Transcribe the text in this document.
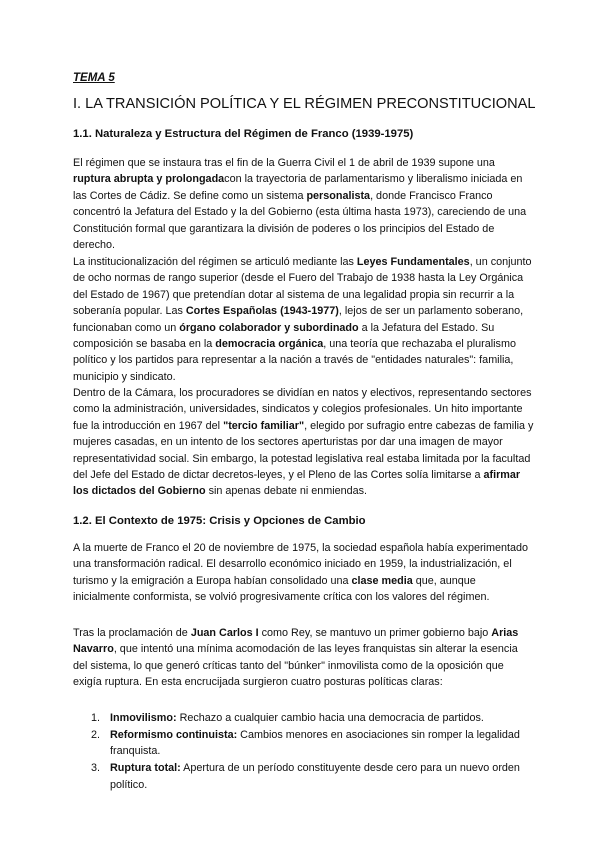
TEMA 5

I. LA TRANSICIÓN POLÍTICA Y EL RÉGIMEN PRECONSTITUCIONAL
1.1. Naturaleza y Estructura del Régimen de Franco (1939-1975)

El régimen que se instaura tras el fin de la Guerra Civil el 1 de abril de 1939 supone una ruptura abrupta y prolongadacon la trayectoria de parlamentarismo y liberalismo iniciada en las Cortes de Cádiz. Se define como un sistema personalista, donde Francisco Franco concentró la Jefatura del Estado y la del Gobierno (esta última hasta 1973), careciendo de una Constitución formal que garantizara la división de poderes o los principios del Estado de derecho.

La institucionalización del régimen se articuló mediante las Leyes Fundamentales, un conjunto de ocho normas de rango superior (desde el Fuero del Trabajo de 1938 hasta la Ley Orgánica del Estado de 1967) que pretendían dotar al sistema de una legalidad propia sin recurrir a la soberanía popular. Las Cortes Españolas (1943-1977), lejos de ser un parlamento soberano, funcionaban como un órgano colaborador y subordinado a la Jefatura del Estado. Su composición se basaba en la democracia orgánica, una teoría que rechazaba el pluralismo político y los partidos para representar a la nación a través de "entidades naturales": familia, municipio y sindicato.

Dentro de la Cámara, los procuradores se dividían en natos y electivos, representando sectores como la administración, universidades, sindicatos y colegios profesionales. Un hito importante fue la introducción en 1967 del "tercio familiar", elegido por sufragio entre cabezas de familia y mujeres casadas, en un intento de los sectores aperturistas por dar una imagen de mayor representatividad social. Sin embargo, la potestad legislativa real estaba limitada por la facultad del Jefe del Estado de dictar decretos-leyes, y el Pleno de las Cortes solía limitarse a afirmar los dictados del Gobierno sin apenas debate ni enmiendas.

1.2. El Contexto de 1975: Crisis y Opciones de Cambio

A la muerte de Franco el 20 de noviembre de 1975, la sociedad española había experimentado una transformación radical. El desarrollo económico iniciado en 1959, la industrialización, el turismo y la emigración a Europa habían consolidado una clase media que, aunque inicialmente conformista, se volvió progresivamente crítica con los valores del régimen.

Tras la proclamación de Juan Carlos I como Rey, se mantuvo un primer gobierno bajo Arias Navarro, que intentó una mínima acomodación de las leyes franquistas sin alterar la esencia del sistema, lo que generó críticas tanto del "búnker" inmovilista como de la oposición que exigía ruptura. En esta encrucijada surgieron cuatro posturas políticas claras:

1. Inmovilismo: Rechazo a cualquier cambio hacia una democracia de partidos.
2. Reformismo continuista: Cambios menores en asociaciones sin romper la legalidad franquista.
3. Ruptura total: Apertura de un período constituyente desde cero para un nuevo orden político.
